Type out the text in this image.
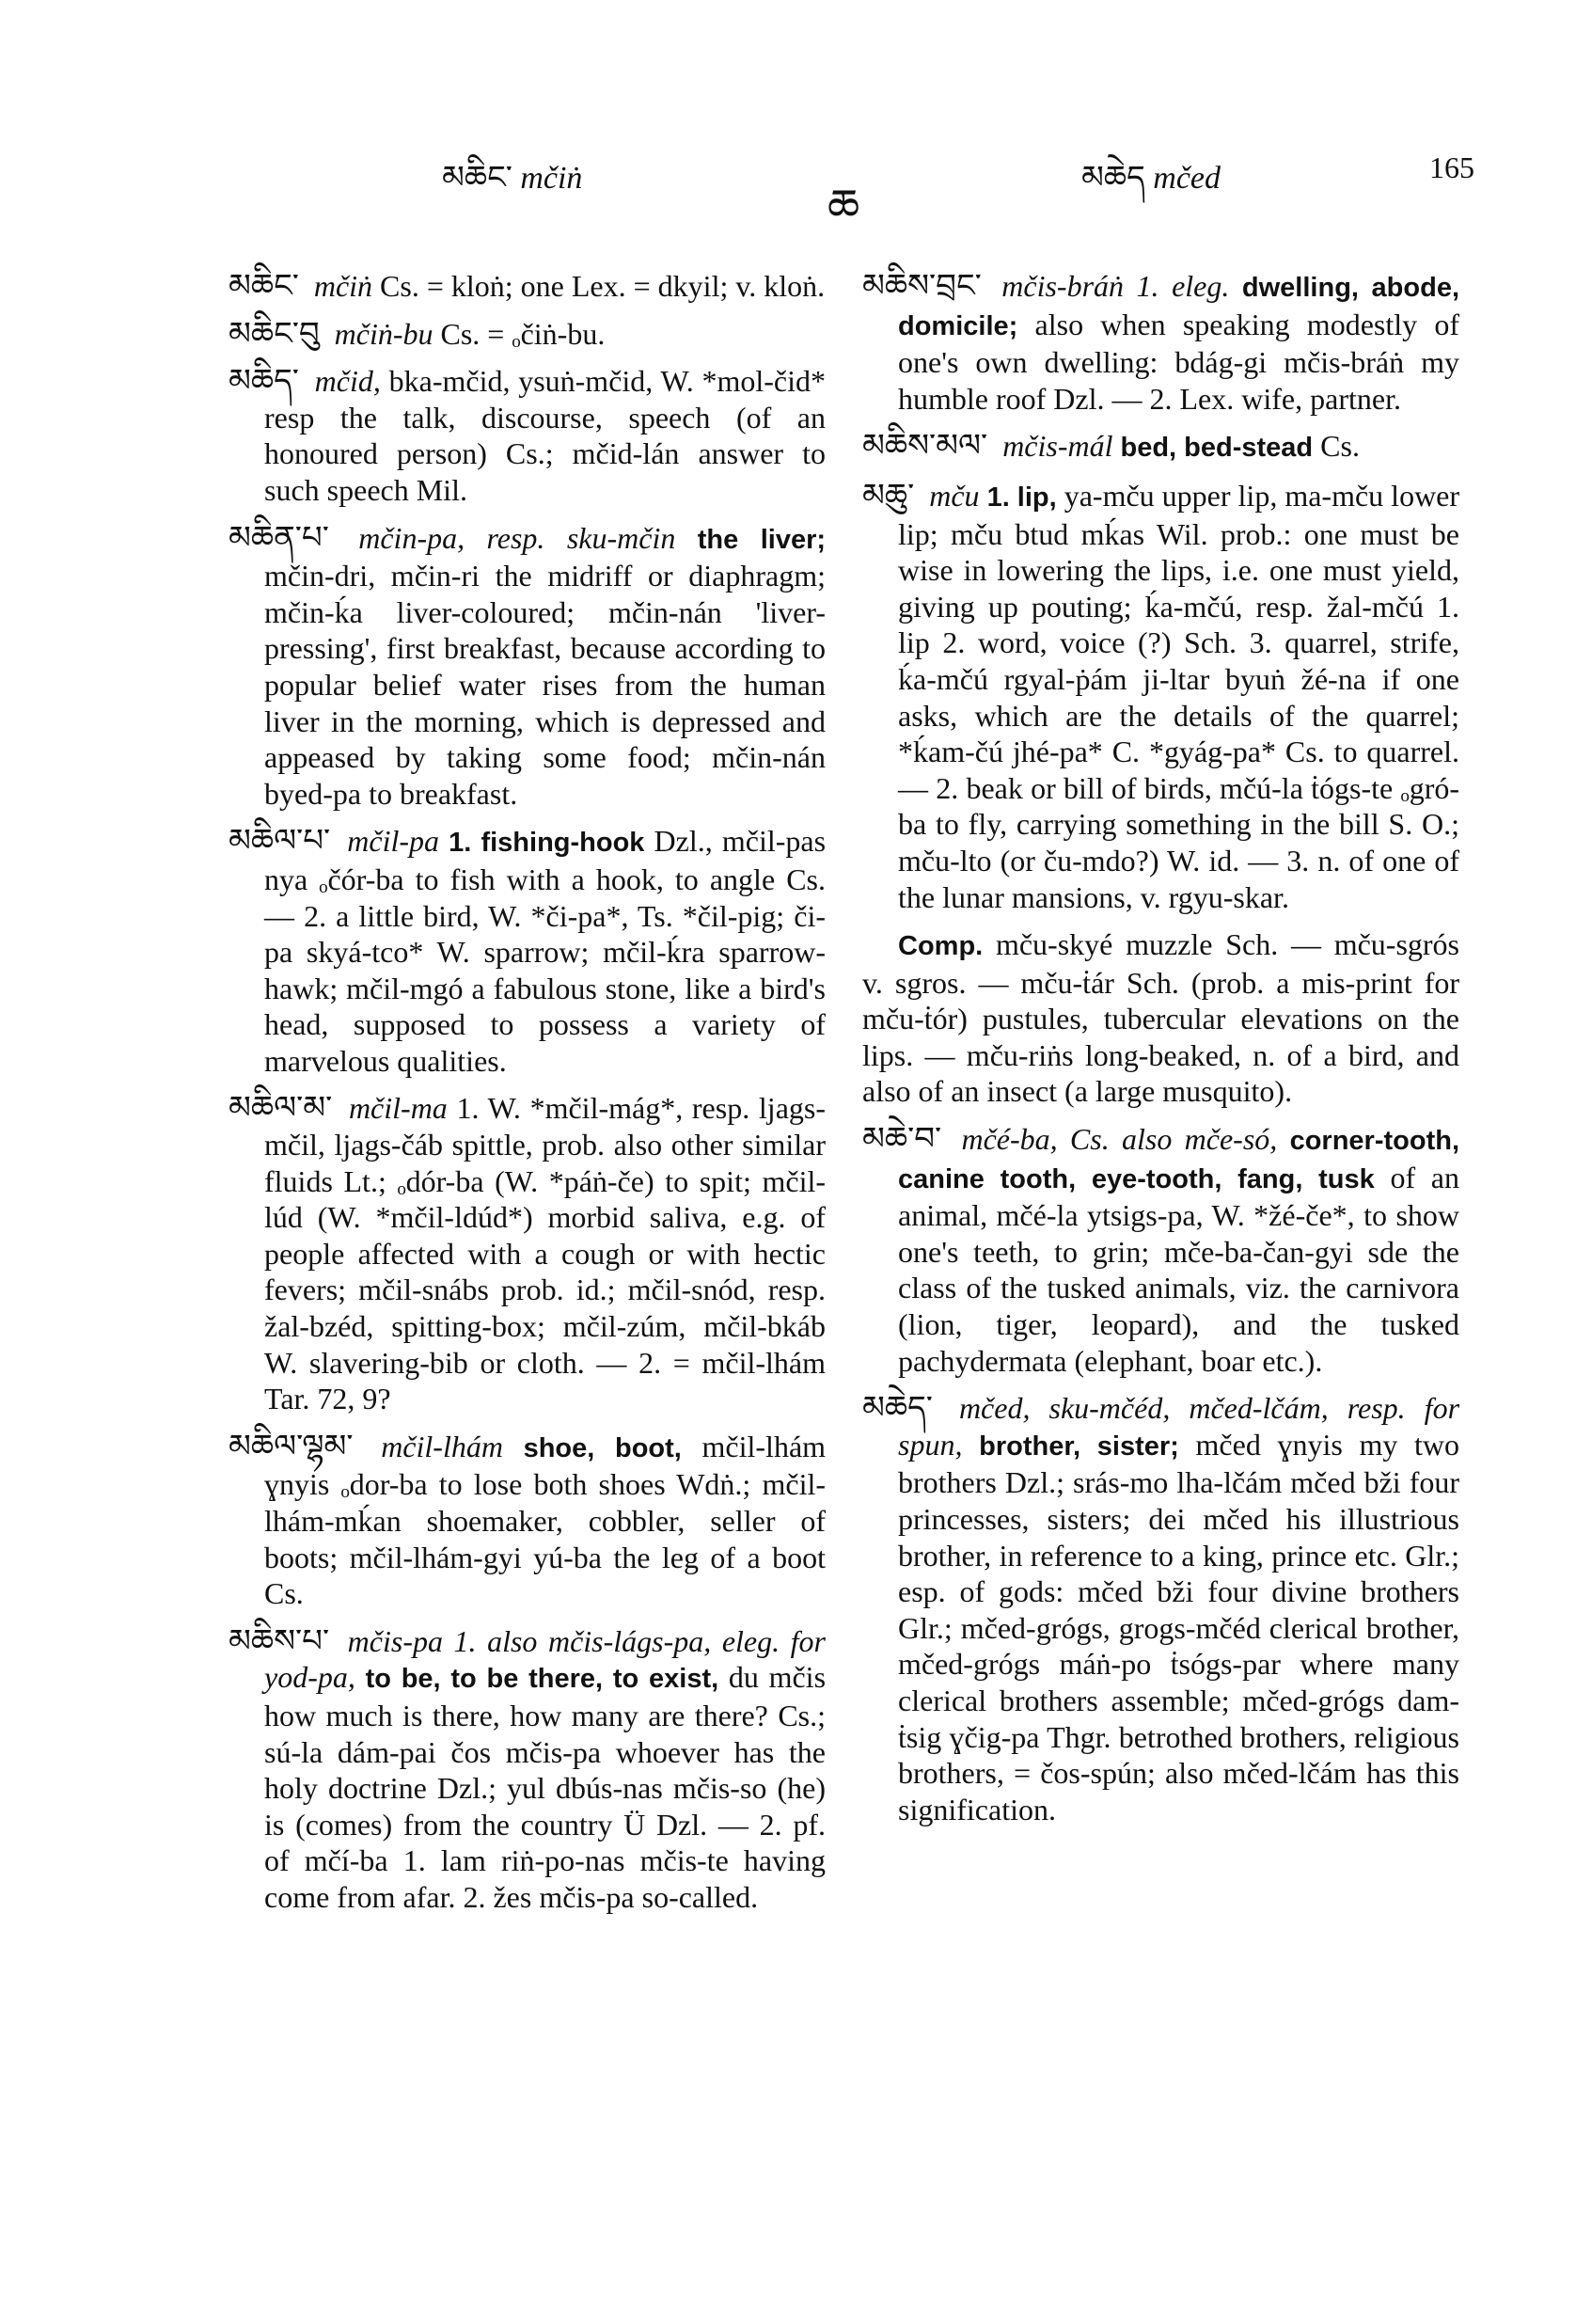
མཆིང་ mčiṅ
ཆ
མཆེད mčed	165

མཆིང་ mčiṅ Cs. = kloṅ; one Lex. = dkyil; v. kloṅ.

མཆིང་བུ mčiṅ-bu Cs. = ₒčiṅ-bu.

མཆིད་ mčid, bka-mčid, ysuṅ-mčid, W. *mol-čid* resp the talk, discourse, speech (of an honoured person) Cs.; mčid-lán answer to such speech Mil.

མཆིན་པ་ mčin-pa, resp. sku-mčin the liver; mčin-dri, mčin-ri the midriff or diaphragm; mčin-ḱa liver-coloured; mčin-nán 'liver-pressing', first breakfast, because according to popular belief water rises from the human liver in the morning, which is depressed and appeased by taking some food; mčin-nán byed-pa to breakfast.

མཆིལ་པ་ mčil-pa 1. fishing-hook Dzl., mčil-pas nya ₒčór-ba to fish with a hook, to angle Cs. — 2. a little bird, W. *či-pa*, Ts. *čil-pig; či-pa skyá-tco* W. sparrow; mčil-ḱra sparrow-hawk; mčil-mgó a fabulous stone, like a bird's head, supposed to possess a variety of marvelous qualities.

མཆིལ་མ་ mčil-ma 1. W. *mčil-mág*, resp. ljags-mčil, ljags-čáb spittle, prob. also other similar fluids Lt.; ₒdór-ba (W. *páṅ-če) to spit; mčil-lúd (W. *mčil-ldúd*) morbid saliva, e.g. of people affected with a cough or with hectic fevers; mčil-snábs prob. id.; mčil-snód, resp. žal-bzéd, spitting-box; mčil-zúm, mčil-bkáb W. slavering-bib or cloth. — 2. = mčil-lhám Tar. 72, 9?

མཆིལ་ལྷམ་ mčil-lhám shoe, boot, mčil-lhám ɣnyis ₒdor-ba to lose both shoes Wdṅ.; mčil-lhám-mḱan shoemaker, cobbler, seller of boots; mčil-lhám-gyi yú-ba the leg of a boot Cs.

མཆིས་པ་ mčis-pa 1. also mčis-lágs-pa, eleg. for yod-pa, to be, to be there, to exist, du mčis how much is there, how many are there? Cs.; sú-la dám-pai čos mčis-pa whoever has the holy doctrine Dzl.; yul dbús-nas mčis-so (he) is (comes) from the country Ü Dzl. — 2. pf. of mčí-ba 1. lam riṅ-po-nas mčis-te having come from afar. 2. žes mčis-pa so-called.

མཆིས་བྲང་ mčis-bráṅ 1. eleg. dwelling, abode, domicile; also when speaking modestly of one's own dwelling: bdág-gi mčis-bráṅ my humble roof Dzl. — 2. Lex. wife, partner.

མཆིས་མལ་ mčis-mál bed, bed-stead Cs.

མཆུ་ mču 1. lip, ya-mču upper lip, ma-mču lower lip; mču btud mḱas Wil. prob.: one must be wise in lowering the lips, i.e. one must yield, giving up pouting; ḱa-mčú, resp. žal-mčú 1. lip 2. word, voice (?) Sch. 3. quarrel, strife, ḱa-mčú rgyal-ṗám ji-ltar byuṅ žé-na if one asks, which are the details of the quarrel; *ḱam-čú jhé-pa* C. *gyág-pa* Cs. to quarrel. — 2. beak or bill of birds, mčú-la ṫógs-te ₒgró-ba to fly, carrying something in the bill S. O.; mču-lto (or ču-mdo?) W. id. — 3. n. of one of the lunar mansions, v. rgyu-skar.

Comp. mču-skyé muzzle Sch. — mču-sgrós v. sgros. — mču-ṫár Sch. (prob. a mis-print for mču-ṫór) pustules, tubercular elevations on the lips. — mču-riṅs long-beaked, n. of a bird, and also of an insect (a large musquito).

མཆེ་བ་ mčé-ba, Cs. also mče-só, corner-tooth, canine tooth, eye-tooth, fang, tusk of an animal, mčé-la ytsigs-pa, W. *žé-če*, to show one's teeth, to grin; mče-ba-čan-gyi sde the class of the tusked animals, viz. the carnivora (lion, tiger, leopard), and the tusked pachydermata (elephant, boar etc.).

མཆེད་ mčed, sku-mčéd, mčed-lčám, resp. for spun, brother, sister; mčed ɣnyis my two brothers Dzl.; srás-mo lha-lčám mčed bži four princesses, sisters; dei mčed his illustrious brother, in reference to a king, prince etc. Glr.; esp. of gods: mčed bži four divine brothers Glr.; mčed-grógs, grogs-mčéd clerical brother, mčed-grógs máṅ-po ṫsógs-par where many clerical brothers assemble; mčed-grógs dam-ṫsig ɣčig-pa Thgr. betrothed brothers, religious brothers, = čos-spún; also mčed-lčám has this signification.
